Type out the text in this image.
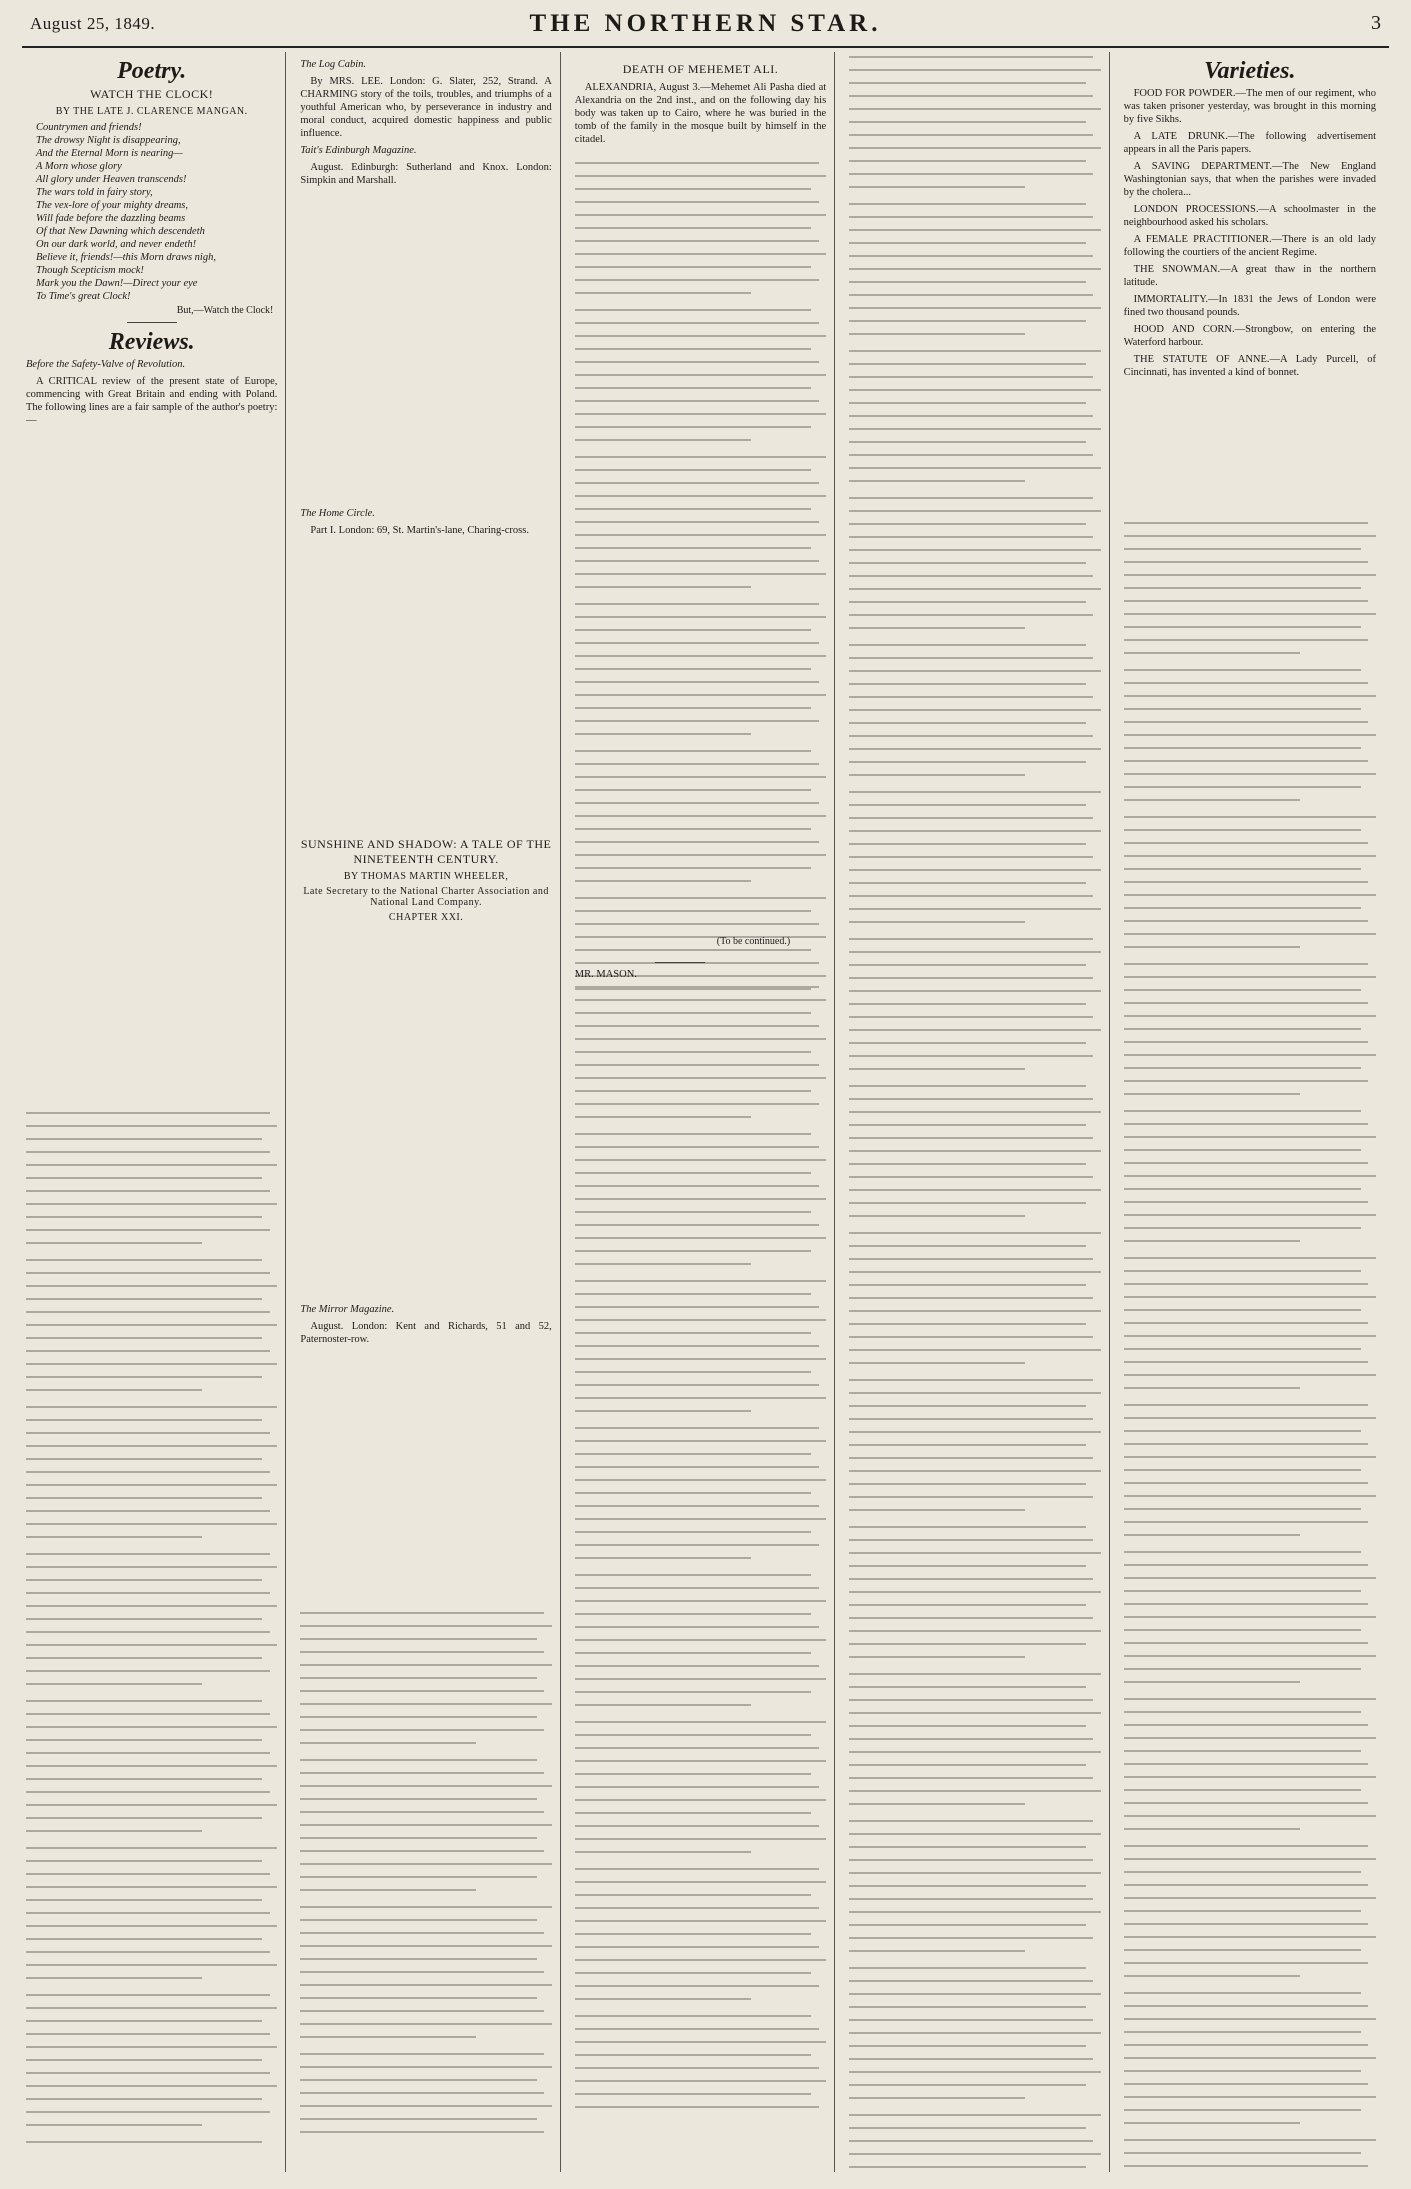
August 25, 1849.	THE NORTHERN STAR.	3
Poetry.
WATCH THE CLOCK!
BY THE LATE J. CLARENCE MANGAN.
Countrymen and friends!
The drowsy Night is disappearing,
And the Eternal Morn is nearing—
A Morn whose glory
All glory under Heaven transcends!
The wars told in fairy story,
The vex-lore of your mighty dreams,
Will fade before the dazzling beams
Of that New Dawning which descendeth
On our dark world, and never endeth!
Believe it, friends!—this Morn draws nigh,
Though Scepticism mock!
Mark you the Dawn!—Direct your eye
To Time's great Clock!
But,—Watch the Clock!
Reviews.

Before the Safety-Valve of Revolution.

A CRITICAL review of the present state of Europe, commencing with Great Britain and ending with Poland. The following lines are a fair sample of the author's poetry:—

The Log Cabin.

By MRS. LEE. London: G. Slater, 252, Strand. A CHARMING story of the toils, troubles, and triumphs of a youthful American who, by perseverance in industry and moral conduct, acquired domestic happiness and public influence.

Tait's Edinburgh Magazine.

August. Edinburgh: Sutherland and Knox. London: Simpkin and Marshall.

The Home Circle.

Part I. London: 69, St. Martin's-lane, Charing-cross.

SUNSHINE AND SHADOW: A TALE OF THE NINETEENTH CENTURY.
BY THOMAS MARTIN WHEELER,
Late Secretary to the National Charter Association and National Land Company.
CHAPTER XXI.

The Mirror Magazine.

August. London: Kent and Richards, 51 and 52, Paternoster-row.

DEATH OF MEHEMET ALI.

ALEXANDRIA, August 3.—Mehemet Ali Pasha died at Alexandria on the 2nd inst., and on the following day his body was taken up to Cairo, where he was buried in the tomb of the family in the mosque built by himself in the citadel.

(To be continued.)

MR. MASON.

Varieties.

FOOD FOR POWDER.—The men of our regiment, who was taken prisoner yesterday, was brought in this morning by five Sikhs.

A LATE DRUNK.—The following advertisement appears in all the Paris papers.

A SAVING DEPARTMENT.—The New England Washingtonian says, that when the parishes were invaded by the cholera...

LONDON PROCESSIONS.—A schoolmaster in the neighbourhood asked his scholars.

A FEMALE PRACTITIONER.—There is an old lady following the courtiers of the ancient Regime.

THE SNOWMAN.—A great thaw in the northern latitude.

IMMORTALITY.—In 1831 the Jews of London were fined two thousand pounds.

HOOD AND CORN.—Strongbow, on entering the Waterford harbour.

THE STATUTE OF ANNE.—A Lady Purcell, of Cincinnati, has invented a kind of bonnet.
